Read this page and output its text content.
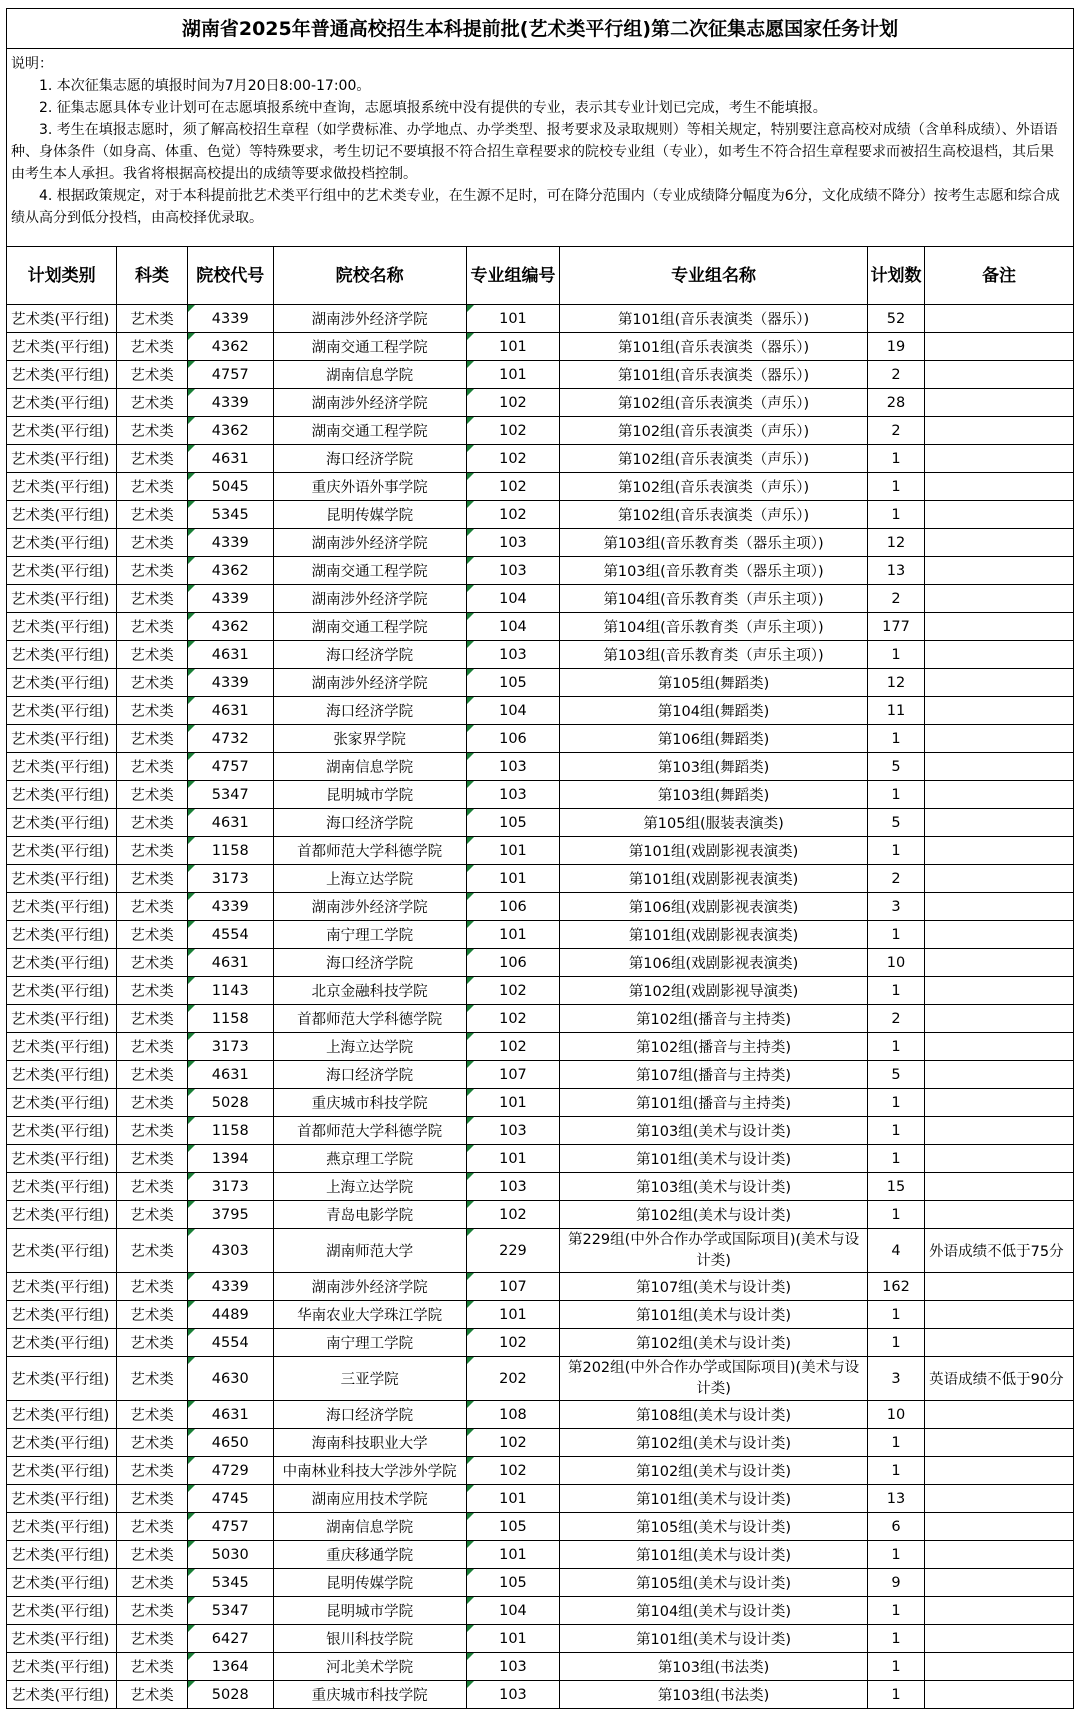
湖南省2025年普通高校招生本科提前批(艺术类平行组)第二次征集志愿国家任务计划

说明：

1. 本次征集志愿的填报时间为7月20日8:00-17:00。

2. 征集志愿具体专业计划可在志愿填报系统中查询，志愿填报系统中没有提供的专业，表示其专业计划已完成，考生不能填报。

3. 考生在填报志愿时，须了解高校招生章程（如学费标准、办学地点、办学类型、报考要求及录取规则）等相关规定，特别要注意高校对成绩（含单科成绩）、外语语种、身体条件（如身高、体重、色觉）等特殊要求，考生切记不要填报不符合招生章程要求的院校专业组（专业），如考生不符合招生章程要求而被招生高校退档，其后果由考生本人承担。我省将根据高校提出的成绩等要求做投档控制。

4. 根据政策规定，对于本科提前批艺术类平行组中的艺术类专业，在生源不足时，可在降分范围内（专业成绩降分幅度为6分，文化成绩不降分）按考生志愿和综合成绩从高分到低分投档，由高校择优录取。

计划类别	科类	院校代号	院校名称	专业组编号	专业组名称	计划数	备注
艺术类(平行组)	艺术类	4339	湖南涉外经济学院	101	第101组(音乐表演类（器乐）)	52	
艺术类(平行组)	艺术类	4362	湖南交通工程学院	101	第101组(音乐表演类（器乐）)	19	
艺术类(平行组)	艺术类	4757	湖南信息学院	101	第101组(音乐表演类（器乐）)	2	
艺术类(平行组)	艺术类	4339	湖南涉外经济学院	102	第102组(音乐表演类（声乐）)	28	
艺术类(平行组)	艺术类	4362	湖南交通工程学院	102	第102组(音乐表演类（声乐）)	2	
艺术类(平行组)	艺术类	4631	海口经济学院	102	第102组(音乐表演类（声乐）)	1	
艺术类(平行组)	艺术类	5045	重庆外语外事学院	102	第102组(音乐表演类（声乐）)	1	
艺术类(平行组)	艺术类	5345	昆明传媒学院	102	第102组(音乐表演类（声乐）)	1	
艺术类(平行组)	艺术类	4339	湖南涉外经济学院	103	第103组(音乐教育类（器乐主项）)	12	
艺术类(平行组)	艺术类	4362	湖南交通工程学院	103	第103组(音乐教育类（器乐主项）)	13	
艺术类(平行组)	艺术类	4339	湖南涉外经济学院	104	第104组(音乐教育类（声乐主项）)	2	
艺术类(平行组)	艺术类	4362	湖南交通工程学院	104	第104组(音乐教育类（声乐主项）)	177	
艺术类(平行组)	艺术类	4631	海口经济学院	103	第103组(音乐教育类（声乐主项）)	1	
艺术类(平行组)	艺术类	4339	湖南涉外经济学院	105	第105组(舞蹈类)	12	
艺术类(平行组)	艺术类	4631	海口经济学院	104	第104组(舞蹈类)	11	
艺术类(平行组)	艺术类	4732	张家界学院	106	第106组(舞蹈类)	1	
艺术类(平行组)	艺术类	4757	湖南信息学院	103	第103组(舞蹈类)	5	
艺术类(平行组)	艺术类	5347	昆明城市学院	103	第103组(舞蹈类)	1	
艺术类(平行组)	艺术类	4631	海口经济学院	105	第105组(服装表演类)	5	
艺术类(平行组)	艺术类	1158	首都师范大学科德学院	101	第101组(戏剧影视表演类)	1	
艺术类(平行组)	艺术类	3173	上海立达学院	101	第101组(戏剧影视表演类)	2	
艺术类(平行组)	艺术类	4339	湖南涉外经济学院	106	第106组(戏剧影视表演类)	3	
艺术类(平行组)	艺术类	4554	南宁理工学院	101	第101组(戏剧影视表演类)	1	
艺术类(平行组)	艺术类	4631	海口经济学院	106	第106组(戏剧影视表演类)	10	
艺术类(平行组)	艺术类	1143	北京金融科技学院	102	第102组(戏剧影视导演类)	1	
艺术类(平行组)	艺术类	1158	首都师范大学科德学院	102	第102组(播音与主持类)	2	
艺术类(平行组)	艺术类	3173	上海立达学院	102	第102组(播音与主持类)	1	
艺术类(平行组)	艺术类	4631	海口经济学院	107	第107组(播音与主持类)	5	
艺术类(平行组)	艺术类	5028	重庆城市科技学院	101	第101组(播音与主持类)	1	
艺术类(平行组)	艺术类	1158	首都师范大学科德学院	103	第103组(美术与设计类)	1	
艺术类(平行组)	艺术类	1394	燕京理工学院	101	第101组(美术与设计类)	1	
艺术类(平行组)	艺术类	3173	上海立达学院	103	第103组(美术与设计类)	15	
艺术类(平行组)	艺术类	3795	青岛电影学院	102	第102组(美术与设计类)	1	
艺术类(平行组)	艺术类	4303	湖南师范大学	229	第229组(中外合作办学或国际项目)(美术与设计类)	4	外语成绩不低于75分
艺术类(平行组)	艺术类	4339	湖南涉外经济学院	107	第107组(美术与设计类)	162	
艺术类(平行组)	艺术类	4489	华南农业大学珠江学院	101	第101组(美术与设计类)	1	
艺术类(平行组)	艺术类	4554	南宁理工学院	102	第102组(美术与设计类)	1	
艺术类(平行组)	艺术类	4630	三亚学院	202	第202组(中外合作办学或国际项目)(美术与设计类)	3	英语成绩不低于90分
艺术类(平行组)	艺术类	4631	海口经济学院	108	第108组(美术与设计类)	10	
艺术类(平行组)	艺术类	4650	海南科技职业大学	102	第102组(美术与设计类)	1	
艺术类(平行组)	艺术类	4729	中南林业科技大学涉外学院	102	第102组(美术与设计类)	1	
艺术类(平行组)	艺术类	4745	湖南应用技术学院	101	第101组(美术与设计类)	13	
艺术类(平行组)	艺术类	4757	湖南信息学院	105	第105组(美术与设计类)	6	
艺术类(平行组)	艺术类	5030	重庆移通学院	101	第101组(美术与设计类)	1	
艺术类(平行组)	艺术类	5345	昆明传媒学院	105	第105组(美术与设计类)	9	
艺术类(平行组)	艺术类	5347	昆明城市学院	104	第104组(美术与设计类)	1	
艺术类(平行组)	艺术类	6427	银川科技学院	101	第101组(美术与设计类)	1	
艺术类(平行组)	艺术类	1364	河北美术学院	103	第103组(书法类)	1	
艺术类(平行组)	艺术类	5028	重庆城市科技学院	103	第103组(书法类)	1	
